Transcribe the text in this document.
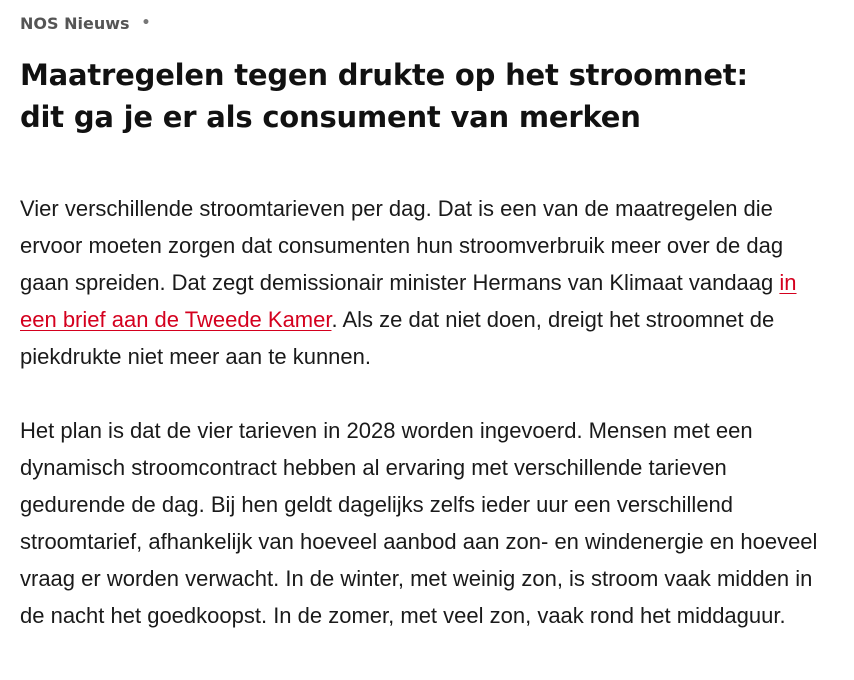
NOS Nieuws •
Maatregelen tegen drukte op het stroomnet: dit ga je er als consument van merken

Vier verschillende stroomtarieven per dag. Dat is een van de maatregelen die ervoor moeten zorgen dat consumenten hun stroomverbruik meer over de dag gaan spreiden. Dat zegt demissionair minister Hermans van Klimaat vandaag in een brief aan de Tweede Kamer. Als ze dat niet doen, dreigt het stroomnet de piekdrukte niet meer aan te kunnen.

Het plan is dat de vier tarieven in 2028 worden ingevoerd. Mensen met een dynamisch stroomcontract hebben al ervaring met verschillende tarieven gedurende de dag. Bij hen geldt dagelijks zelfs ieder uur een verschillend stroomtarief, afhankelijk van hoeveel aanbod aan zon- en windenergie en hoeveel vraag er worden verwacht. In de winter, met weinig zon, is stroom vaak midden in de nacht het goedkoopst. In de zomer, met veel zon, vaak rond het middaguur.
